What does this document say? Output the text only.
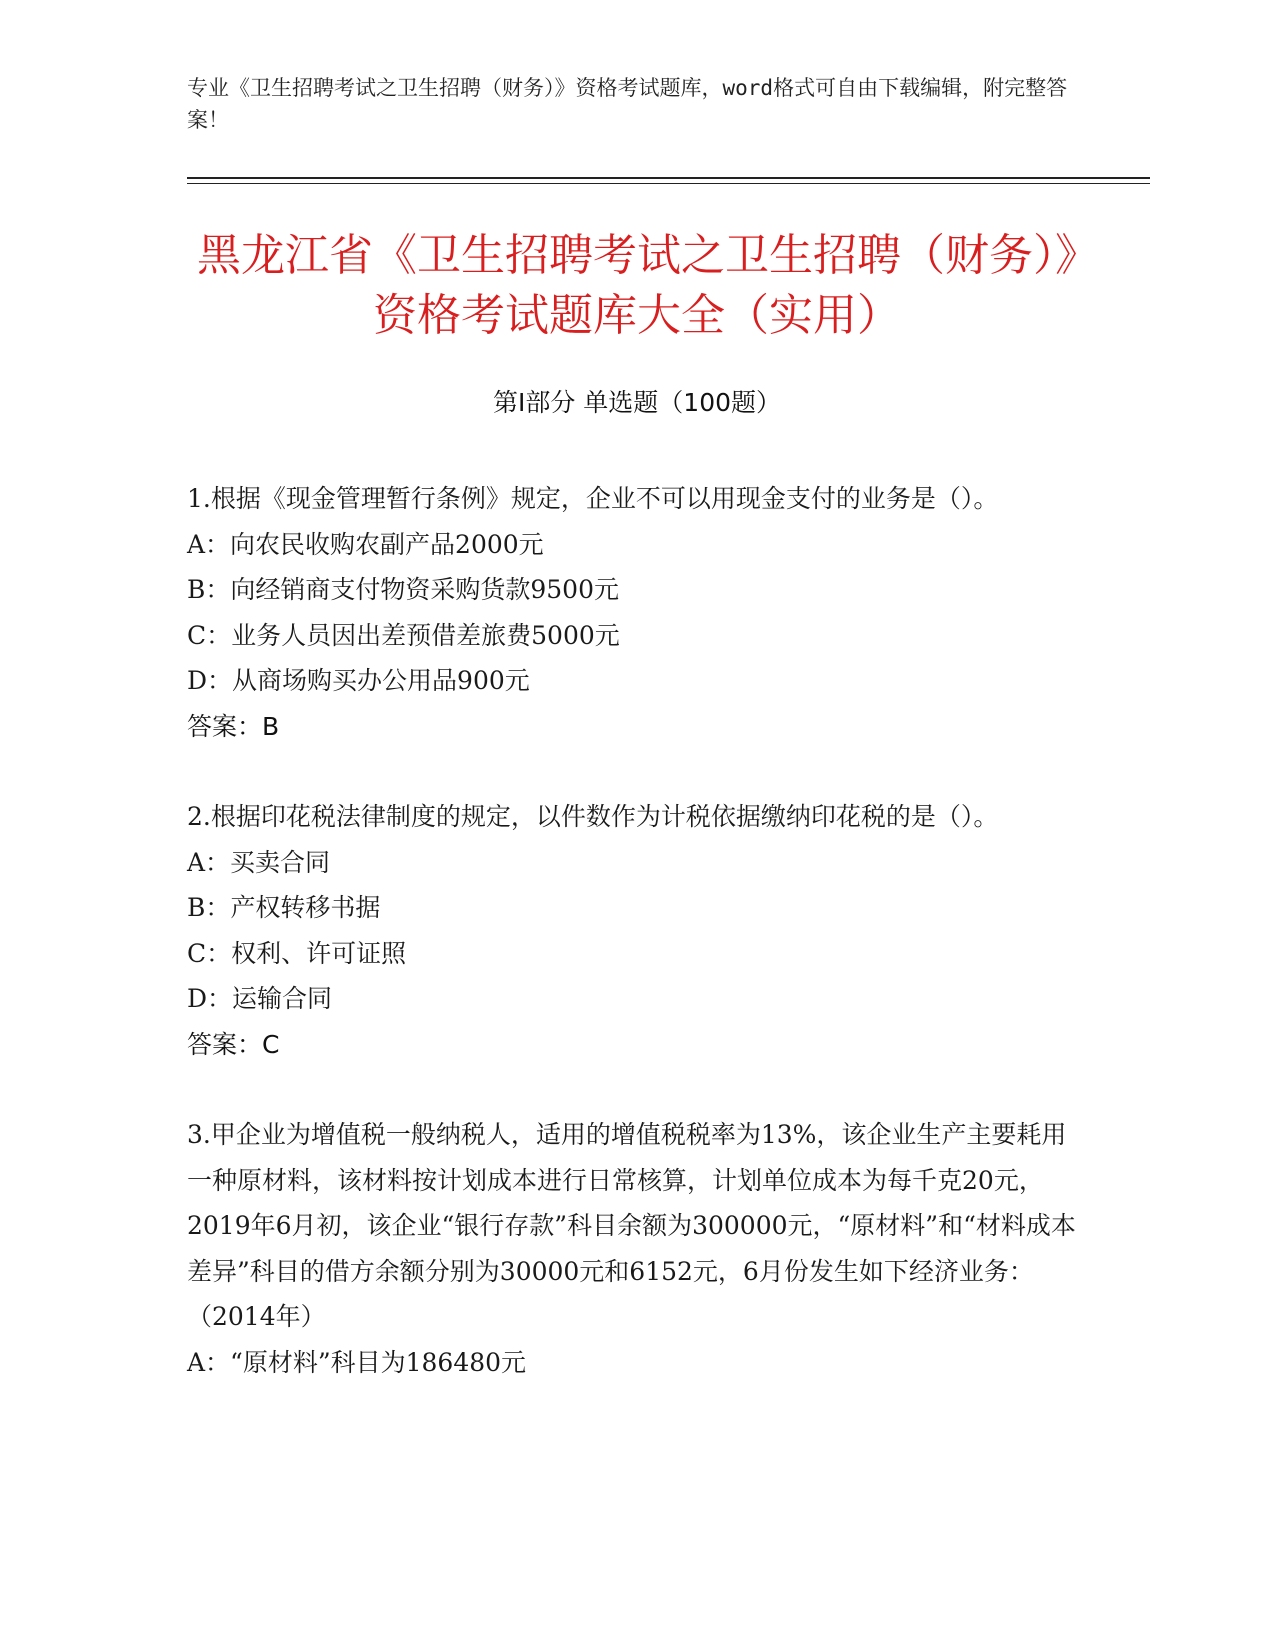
专业《卫生招聘考试之卫生招聘（财务）》资格考试题库，word格式可自由下载编辑，附完整答案！
黑龙江省《卫生招聘考试之卫生招聘（财务）》资格考试题库大全（实用）
第Ⅰ部分 单选题（100题）
1.根据《现金管理暂行条例》规定，企业不可以用现金支付的业务是（）。
A：向农民收购农副产品2000元
B：向经销商支付物资采购货款9500元
C：业务人员因出差预借差旅费5000元
D：从商场购买办公用品900元
答案：B
2.根据印花税法律制度的规定，以件数作为计税依据缴纳印花税的是（）。
A：买卖合同
B：产权转移书据
C：权利、许可证照
D：运输合同
答案：C
3.甲企业为增值税一般纳税人，适用的增值税税率为13%，该企业生产主要耗用一种原材料，该材料按计划成本进行日常核算，计划单位成本为每千克20元，2019年6月初，该企业“银行存款”科目余额为300000元，“原材料”和“材料成本差异”科目的借方余额分别为30000元和6152元，6月份发生如下经济业务：（2014年）
A：“原材料”科目为186480元
